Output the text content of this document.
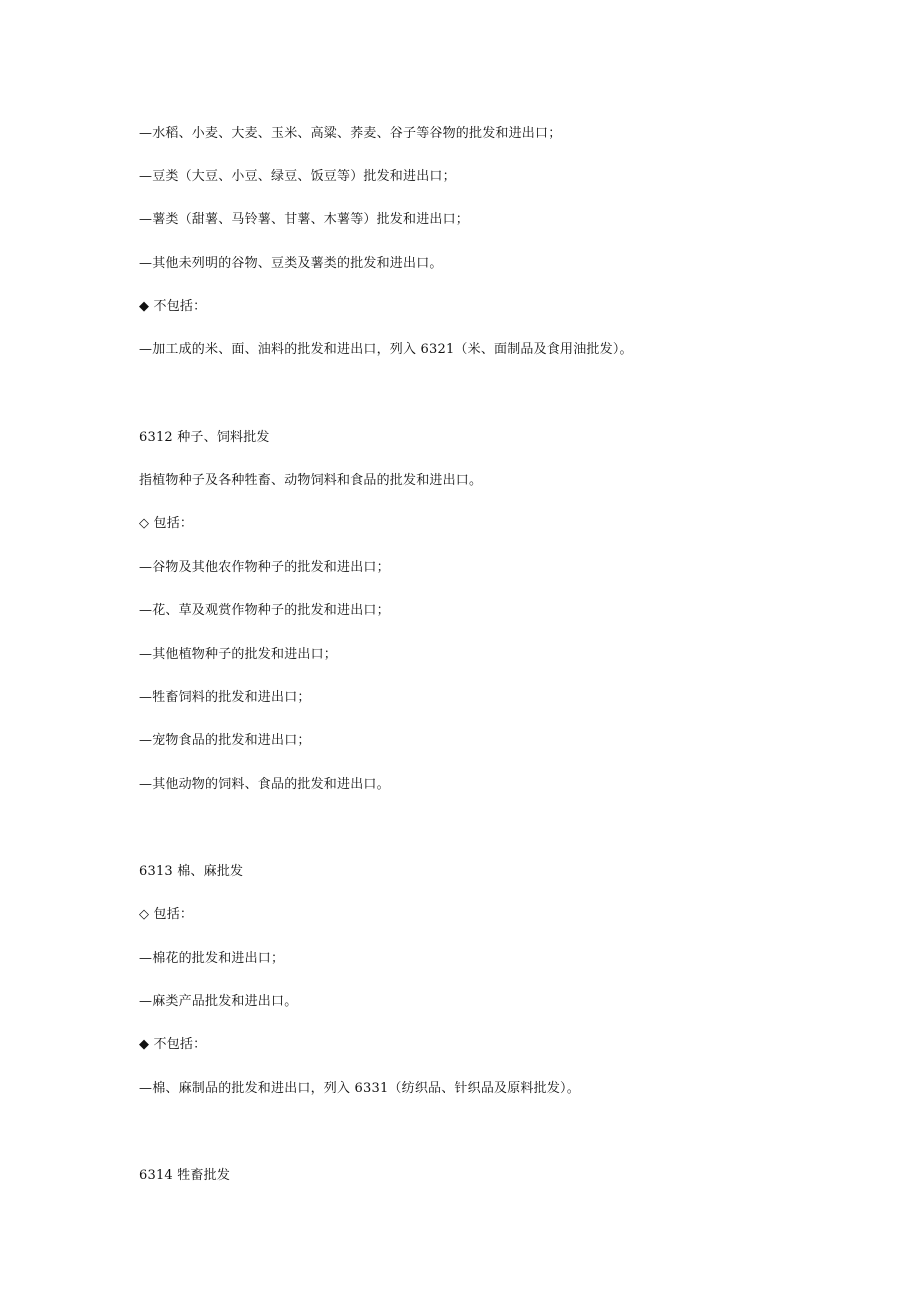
—水稻、小麦、大麦、玉米、高粱、荞麦、谷子等谷物的批发和进出口；
—豆类（大豆、小豆、绿豆、饭豆等）批发和进出口；
—薯类（甜薯、马铃薯、甘薯、木薯等）批发和进出口；
—其他未列明的谷物、豆类及薯类的批发和进出口。
◆ 不包括：
—加工成的米、面、油料的批发和进出口，列入 6321（米、面制品及食用油批发）。
6312 种子、饲料批发
指植物种子及各种牲畜、动物饲料和食品的批发和进出口。
◇ 包括：
—谷物及其他农作物种子的批发和进出口；
—花、草及观赏作物种子的批发和进出口；
—其他植物种子的批发和进出口；
—牲畜饲料的批发和进出口；
—宠物食品的批发和进出口；
—其他动物的饲料、食品的批发和进出口。
6313 棉、麻批发
◇ 包括：
—棉花的批发和进出口；
—麻类产品批发和进出口。
◆ 不包括：
—棉、麻制品的批发和进出口，列入 6331（纺织品、针织品及原料批发）。
6314 牲畜批发
